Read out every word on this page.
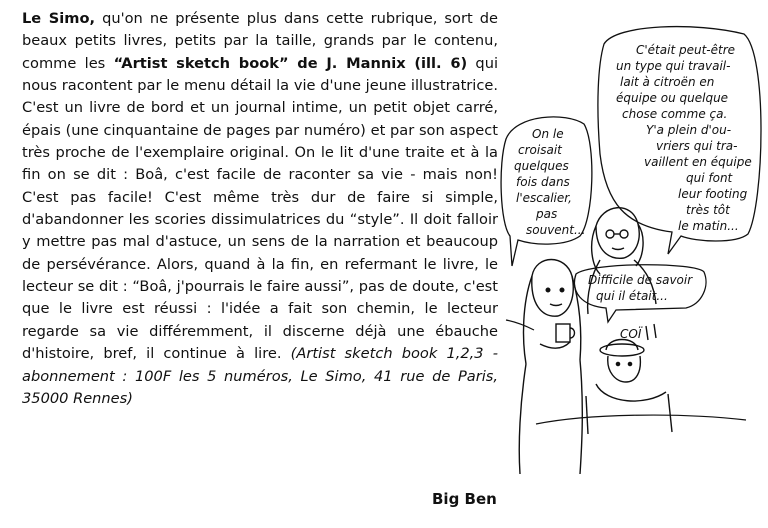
Le Simo, qu'on ne présente plus dans cette rubrique, sort de beaux petits livres, petits par la taille, grands par le contenu, comme les “Artist sketch book” de J. Mannix (ill. 6) qui nous racontent par le menu détail la vie d'une jeune illustratrice. C'est un livre de bord et un journal intime, un petit objet carré, épais (une cinquantaine de pages par numéro) et par son aspect très proche de l'exemplaire original. On le lit d'une traite et à la fin on se dit : Boâ, c'est facile de raconter sa vie - mais non! C'est pas facile! C'est même très dur de faire si simple, d'abandonner les scories dissimulatrices du “style”. Il doit falloir y mettre pas mal d'astuce, un sens de la narration et beaucoup de persévérance. Alors, quand à la fin, en refermant le livre, le lecteur se dit : “Boâ, j'pourrais le faire aussi”, pas de doute, c'est que le livre est réussi : l'idée a fait son chemin, le lecteur regarde sa vie différemment, il discerne déjà une ébauche d'histoire, bref, il continue à lire. (Artist sketch book 1,2,3 - abonnement : 100F les 5 numéros, Le Simo, 41 rue de Paris, 35000 Rennes)

Big Ben
C'était peut-être un type qui travail- lait à citroën en équipe ou quelque chose comme ça. Y'a plein d'ou- vriers qui tra- vaillent en équipe qui font leur footing très tôt le matin...
On le croisait quelques fois dans l'escalier, pas souvent...
Difficile de savoir qui il était...
COÏ
